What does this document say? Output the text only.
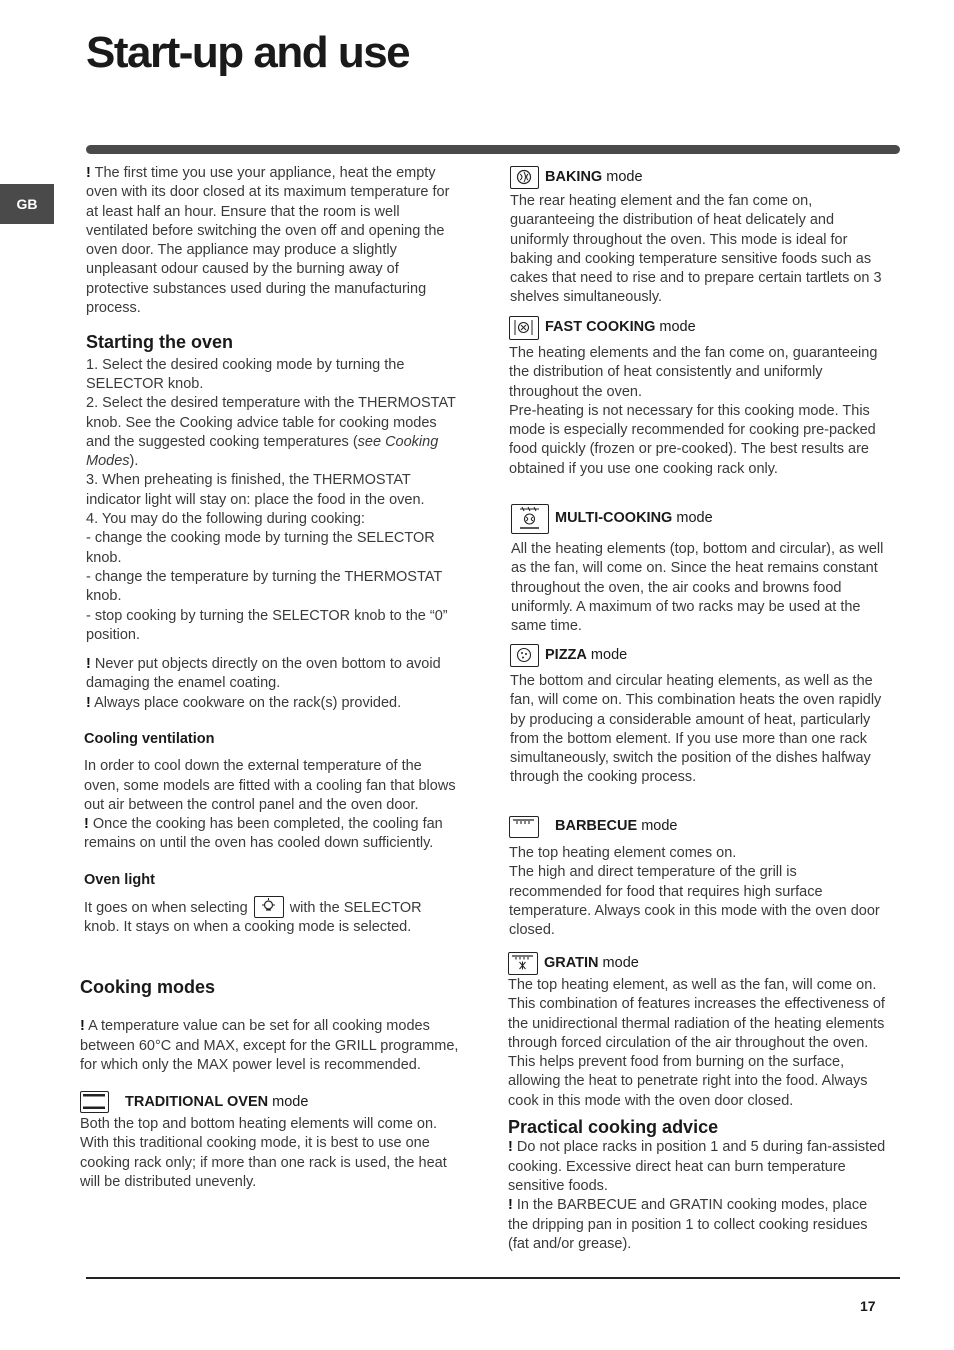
Start-up and use
GB

! The first time you use your appliance, heat the empty oven with its door closed at its maximum temperature for at least half an hour. Ensure that the room is well ventilated before switching the oven off and opening the oven door. The appliance may produce a slightly unpleasant odour caused by the burning away of protective substances used during the manufacturing process.

Starting the oven

1. Select the desired cooking mode by turning the SELECTOR knob.
2. Select the desired temperature with the THERMOSTAT knob. See the Cooking advice table for cooking modes and the suggested cooking temperatures (see Cooking Modes).
3. When preheating is finished, the THERMOSTAT indicator light will stay on: place the food in the oven.
4. You may do the following during cooking:
- change the cooking mode by turning the SELECTOR knob.
- change the temperature by turning the THERMOSTAT knob.
- stop cooking by turning the SELECTOR knob to the “0” position.

! Never put objects directly on the oven bottom to avoid damaging the enamel coating.

! Always place cookware on the rack(s) provided.

Cooling ventilation

In order to cool down the external temperature of the oven, some models are fitted with a cooling fan that blows out air between the control panel and the oven door.

! Once the cooking has been completed, the cooling fan remains on until the oven has cooled down sufficiently.

Oven light

It goes on when selecting	with the SELECTOR knob. It stays on when a cooking mode is selected.

Cooking modes

! A temperature value can be set for all cooking modes between 60°C and MAX, except for the GRILL programme, for which only the MAX power level is recommended.

TRADITIONAL OVEN mode

Both the top and bottom heating elements will come on. With this traditional cooking mode, it is best to use one cooking rack only; if more than one rack is used, the heat will be distributed unevenly.

BAKING mode

The rear heating element and the fan come on, guaranteeing the distribution of heat delicately and uniformly throughout the oven. This mode is ideal for baking and cooking temperature sensitive foods such as cakes that need to rise and to prepare certain tartlets on 3 shelves simultaneously.

FAST COOKING mode

The heating elements and the fan come on, guaranteeing the distribution of heat consistently and uniformly throughout the oven.

Pre-heating is not necessary for this cooking mode. This mode is especially recommended for cooking pre-packed food quickly (frozen or pre-cooked). The best results are obtained if you use one cooking rack only.

MULTI-COOKING mode

All the heating elements (top, bottom and circular), as well as the fan, will come on. Since the heat remains constant throughout the oven, the air cooks and browns food uniformly. A maximum of two racks may be used at the same time.

PIZZA mode

The bottom and circular heating elements, as well as the fan, will come on. This combination heats the oven rapidly by producing a considerable amount of heat, particularly from the bottom element. If you use more than one rack simultaneously, switch the position of the dishes halfway through the cooking process.

BARBECUE mode

The top heating element comes on.

The high and direct temperature of the grill is recommended for food that requires high surface temperature. Always cook in this mode with the oven door closed.

GRATIN mode

The top heating element, as well as the fan, will come on. This combination of features increases the effectiveness of the unidirectional thermal radiation of the heating elements through forced circulation of the air throughout the oven. This helps prevent food from burning on the surface, allowing the heat to penetrate right into the food. Always cook in this mode with the oven door closed.

Practical cooking advice

! Do not place racks in position 1 and 5 during fan-assisted cooking. Excessive direct heat can burn temperature sensitive foods.

! In the BARBECUE and GRATIN cooking modes, place the dripping pan in position 1 to collect cooking residues (fat and/or grease).

17
